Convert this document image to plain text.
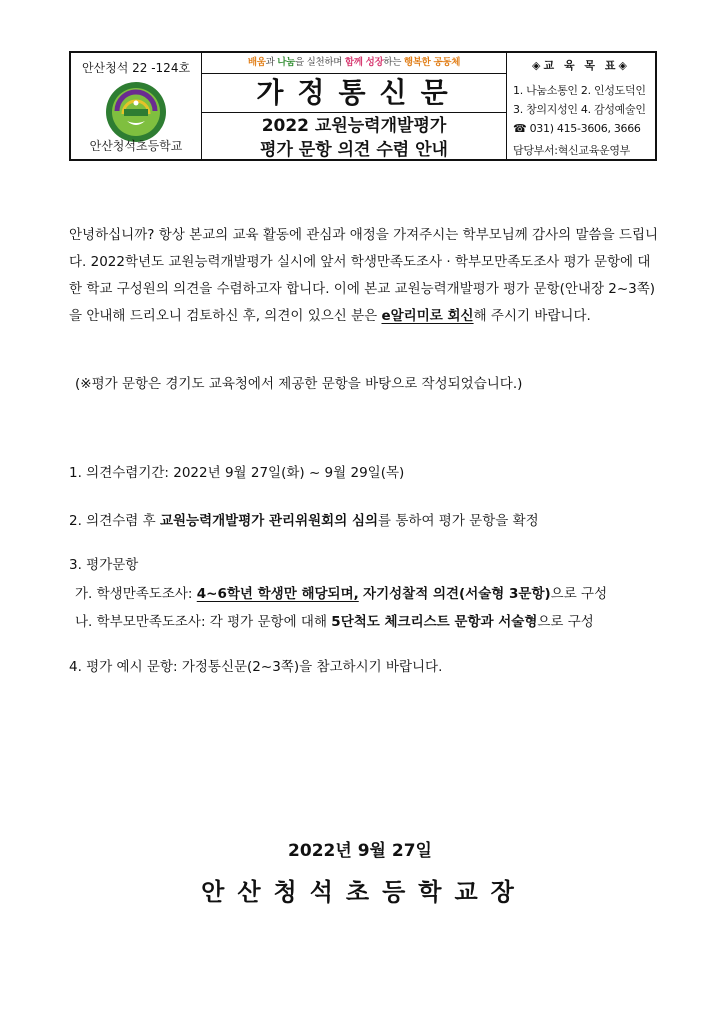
안산청석 22 -124호
안산청석초등학교
배움과 나눔을 실천하며 함께 성장하는 행복한 공동체
가정통신문
2022 교원능력개발평가
평가 문항 의견 수렴 안내
◈교 육 목 표◈
1. 나눔소통인 2. 인성도덕인
3. 창의지성인 4. 감성예술인
☎ 031) 415-3606, 3666
담당부서:혁신교육운영부
안녕하십니까? 항상 본교의 교육 활동에 관심과 애정을 가져주시는 학부모님께 감사의 말씀을 드립니다. 2022학년도 교원능력개발평가 실시에 앞서 학생만족도조사 · 학부모만족도조사 평가 문항에 대한 학교 구성원의 의견을 수렴하고자 합니다. 이에 본교 교원능력개발평가 평가 문항(안내장 2~3쪽)을 안내해 드리오니 검토하신 후, 의견이 있으신 분은 e알리미로 회신해 주시기 바랍니다.
(※평가 문항은 경기도 교육청에서 제공한 문항을 바탕으로 작성되었습니다.)
1. 의견수렴기간: 2022년 9월 27일(화) ~ 9월 29일(목)
2. 의견수렴 후 교원능력개발평가 관리위원회의 심의를 통하여 평가 문항을 확정
3. 평가문항
가. 학생만족도조사: 4~6학년 학생만 해당되며, 자기성찰적 의견(서술형 3문항)으로 구성
나. 학부모만족도조사: 각 평가 문항에 대해 5단척도 체크리스트 문항과 서술형으로 구성
4. 평가 예시 문항: 가정통신문(2~3쪽)을 참고하시기 바랍니다.
2022년 9월 27일
안산청석초등학교장
